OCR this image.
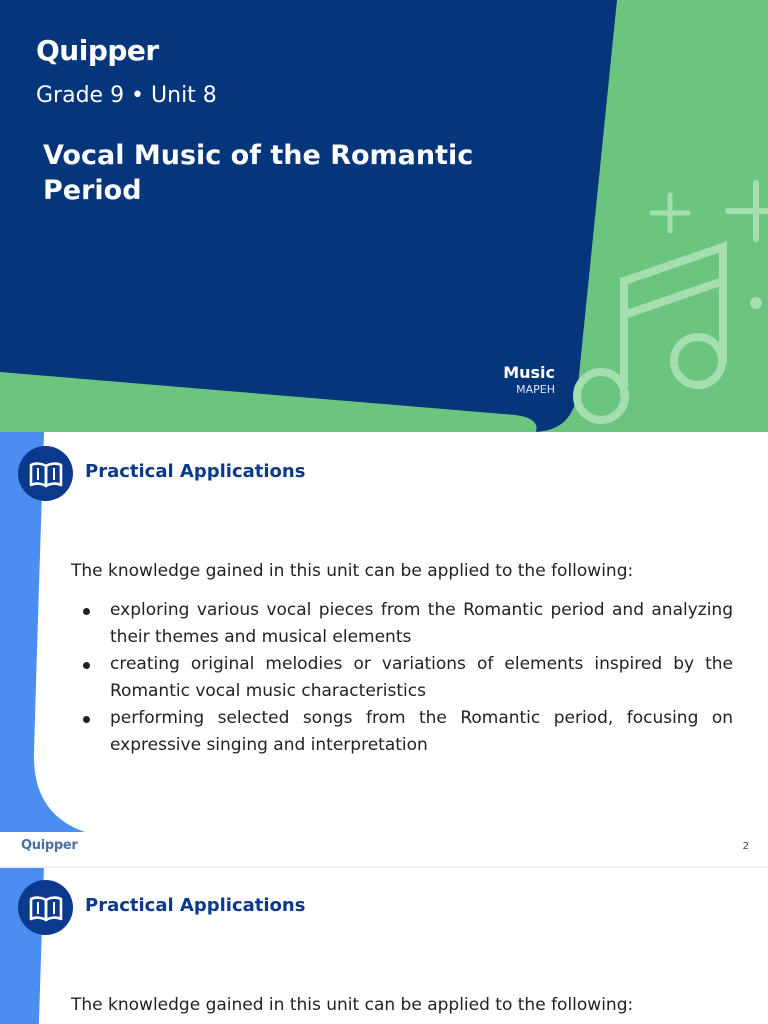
Quipper
Grade 9 • Unit 8
Vocal Music of the Romantic Period
Music
MAPEH
Practical Applications

The knowledge gained in this unit can be applied to the following:

exploring various vocal pieces from the Romantic period and analyzing their themes and musical elements
creating original melodies or variations of elements inspired by the Romantic vocal music characteristics
performing selected songs from the Romantic period, focusing on expressive singing and interpretation
Quipper	2
Practical Applications

The knowledge gained in this unit can be applied to the following:
